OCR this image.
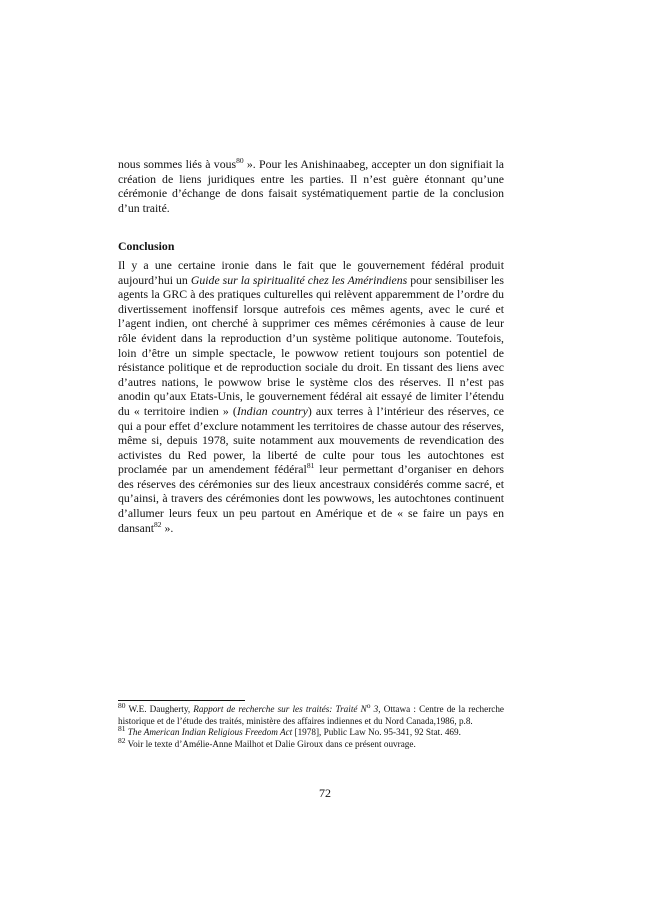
nous sommes liés à vous$^{80}$ ». Pour les Anishinaabeg, accepter un don signifiait la création de liens juridiques entre les parties. Il n’est guère étonnant qu’une cérémonie d’échange de dons faisait systématiquement partie de la conclusion d’un traité.

Conclusion

Il y a une certaine ironie dans le fait que le gouvernement fédéral produit aujourd’hui un Guide sur la spiritualité chez les Amérindiens pour sensibiliser les agents la GRC à des pratiques culturelles qui relèvent apparemment de l’ordre du divertissement inoffensif lorsque autrefois ces mêmes agents, avec le curé et l’agent indien, ont cherché à supprimer ces mêmes cérémonies à cause de leur rôle évident dans la reproduction d’un système politique autonome. Toutefois, loin d’être un simple spectacle, le powwow retient toujours son potentiel de résistance politique et de reproduction sociale du droit. En tissant des liens avec d’autres nations, le powwow brise le système clos des réserves. Il n’est pas anodin qu’aux Etats-Unis, le gouvernement fédéral ait essayé de limiter l’étendu du « territoire indien » (Indian country) aux terres à l’intérieur des réserves, ce qui a pour effet d’exclure notamment les territoires de chasse autour des réserves, même si, depuis 1978, suite notamment aux mouvements de revendication des activistes du Red power, la liberté de culte pour tous les autochtones est proclamée par un amendement fédéral$^{81}$ leur permettant d’organiser en dehors des réserves des cérémonies sur des lieux ancestraux considérés comme sacré, et qu’ainsi, à travers des cérémonies dont les powwows, les autochtones continuent d’allumer leurs feux un peu partout en Amérique et de « se faire un pays en dansant$^{82}$ ».

$^{80}$ W.E. Daugherty, Rapport de recherche sur les traités: Traité $N^o$ 3, Ottawa : Centre de la recherche historique et de l’étude des traités, ministère des affaires indiennes et du Nord Canada,1986, p.8.

$^{81}$ The American Indian Religious Freedom Act [1978], Public Law No. 95-341, 92 Stat. 469.

$^{82}$ Voir le texte d’Amélie-Anne Mailhot et Dalie Giroux dans ce présent ouvrage.

72
